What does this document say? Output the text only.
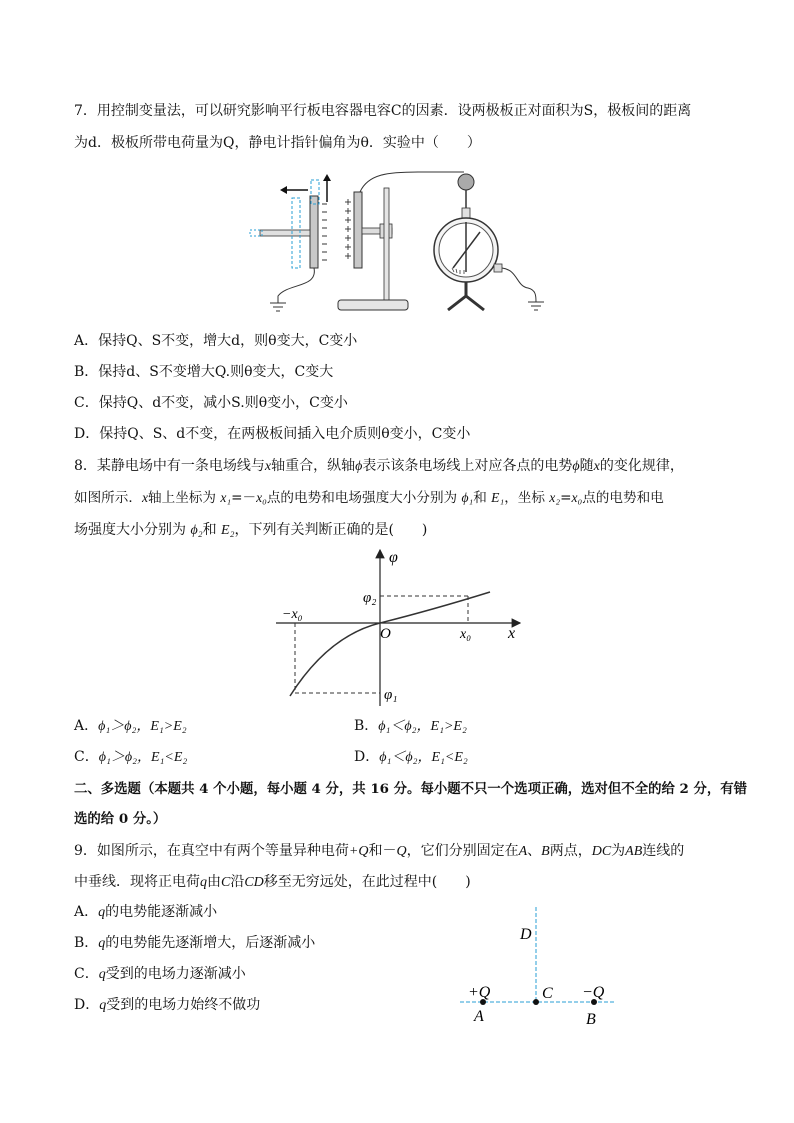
7．用控制变量法，可以研究影响平行板电容器电容C的因素．设两极板正对面积为S，极板间的距离
为d．极板所带电荷量为Q，静电计指针偏角为θ．实验中（　　）
A．保持Q、S不变，增大d，则θ变大，C变小
B．保持d、S不变增大Q.则θ变大，C变大
C．保持Q、d不变，减小S.则θ变小，C变小
D．保持Q、S、d不变，在两极板间插入电介质则θ变小，C变小
8．某静电场中有一条电场线与x轴重合，纵轴ϕ表示该条电场线上对应各点的电势ϕ随x的变化规律，
如图所示．x轴上坐标为 x₁=－x₀点的电势和电场强度大小分别为 ϕ₁和 E₁，坐标 x₂=x₀点的电势和电
场强度大小分别为 ϕ₂和 E₂，下列有关判断正确的是(　　)
φ
x
O
−x₀
x₀
φ₂
φ₁
A．ϕ₁＞ϕ₂，E₁>E₂	B．ϕ₁＜ϕ₂，E₁>E₂
C．ϕ₁＞ϕ₂，E₁<E₂	D．ϕ₁＜ϕ₂，E₁<E₂
二、多选题（本题共 4 个小题，每小题 4 分，共 16 分。每小题不只一个选项正确，选对但不全的给 2 分，有错
选的给 0 分。）
9．如图所示，在真空中有两个等量异种电荷+Q和－Q，它们分别固定在A、B两点，DC为AB连线的
中垂线．现将正电荷q由C沿CD移至无穷远处，在此过程中(　　)
A．q的电势能逐渐减小
B．q的电势能先逐渐增大，后逐渐减小
C．q受到的电场力逐渐减小
D．q受到的电场力始终不做功
D
+Q	C −Q
A	B
